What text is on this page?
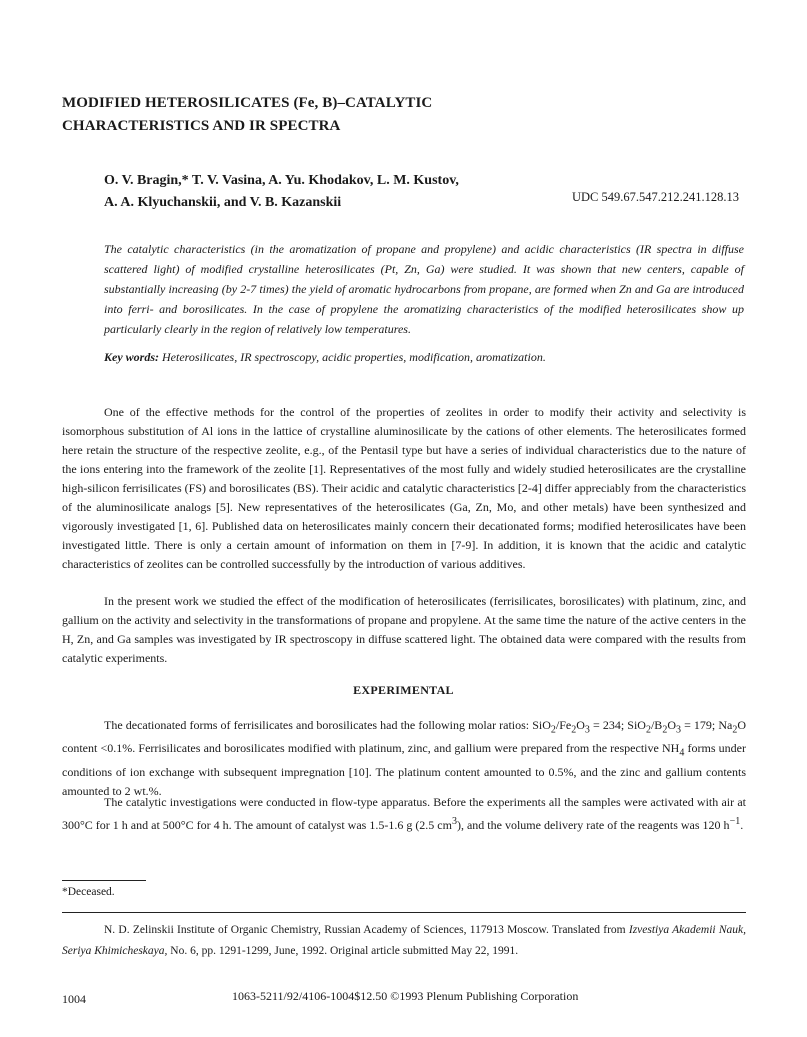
MODIFIED HETEROSILICATES (Fe, B)–CATALYTIC
CHARACTERISTICS AND IR SPECTRA
O. V. Bragin,* T. V. Vasina, A. Yu. Khodakov, L. M. Kustov,
A. A. Klyuchanskii, and V. B. Kazanskii	UDC 549.67.547.212.241.128.13
The catalytic characteristics (in the aromatization of propane and propylene) and acidic characteristics (IR spectra in diffuse scattered light) of modified crystalline heterosilicates (Pt, Zn, Ga) were studied. It was shown that new centers, capable of substantially increasing (by 2-7 times) the yield of aromatic hydrocarbons from propane, are formed when Zn and Ga are introduced into ferri- and borosilicates. In the case of propylene the aromatizing characteristics of the modified heterosilicates show up particularly clearly in the region of relatively low temperatures.
Key words: Heterosilicates, IR spectroscopy, acidic properties, modification, aromatization.

One of the effective methods for the control of the properties of zeolites in order to modify their activity and selectivity is isomorphous substitution of Al ions in the lattice of crystalline aluminosilicate by the cations of other elements. The heterosilicates formed here retain the structure of the respective zeolite, e.g., of the Pentasil type but have a series of individual characteristics due to the nature of the ions entering into the framework of the zeolite [1]. Representatives of the most fully and widely studied heterosilicates are the crystalline high-silicon ferrisilicates (FS) and borosilicates (BS). Their acidic and catalytic characteristics [2-4] differ appreciably from the characteristics of the aluminosilicate analogs [5]. New representatives of the heterosilicates (Ga, Zn, Mo, and other metals) have been synthesized and vigorously investigated [1, 6]. Published data on heterosilicates mainly concern their decationated forms; modified heterosilicates have been investigated little. There is only a certain amount of information on them in [7-9]. In addition, it is known that the acidic and catalytic characteristics of zeolites can be controlled successfully by the introduction of various additives.

In the present work we studied the effect of the modification of heterosilicates (ferrisilicates, borosilicates) with platinum, zinc, and gallium on the activity and selectivity in the transformations of propane and propylene. At the same time the nature of the active centers in the H, Zn, and Ga samples was investigated by IR spectroscopy in diffuse scattered light. The obtained data were compared with the results from catalytic experiments.

EXPERIMENTAL

The decationated forms of ferrisilicates and borosilicates had the following molar ratios: $SiO_2/Fe_2O_3 = 234$; $SiO_2/B_2O_3 = 179$; $Na_2O$ content <0.1%. Ferrisilicates and borosilicates modified with platinum, zinc, and gallium were prepared from the respective $NH_4$ forms under conditions of ion exchange with subsequent impregnation [10]. The platinum content amounted to 0.5%, and the zinc and gallium contents amounted to 2 wt.%.

The catalytic investigations were conducted in flow-type apparatus. Before the experiments all the samples were activated with air at 300°C for 1 h and at 500°C for 4 h. The amount of catalyst was 1.5-1.6 g (2.5 $cm^3$), and the volume delivery rate of the reagents was 120 $h^{-1}$.

*Deceased.
N. D. Zelinskii Institute of Organic Chemistry, Russian Academy of Sciences, 117913 Moscow. Translated from Izvestiya Akademii Nauk, Seriya Khimicheskaya, No. 6, pp. 1291-1299, June, 1992. Original article submitted May 22, 1991.
1004	1063-5211/92/4106-1004$12.50 ©1993 Plenum Publishing Corporation
